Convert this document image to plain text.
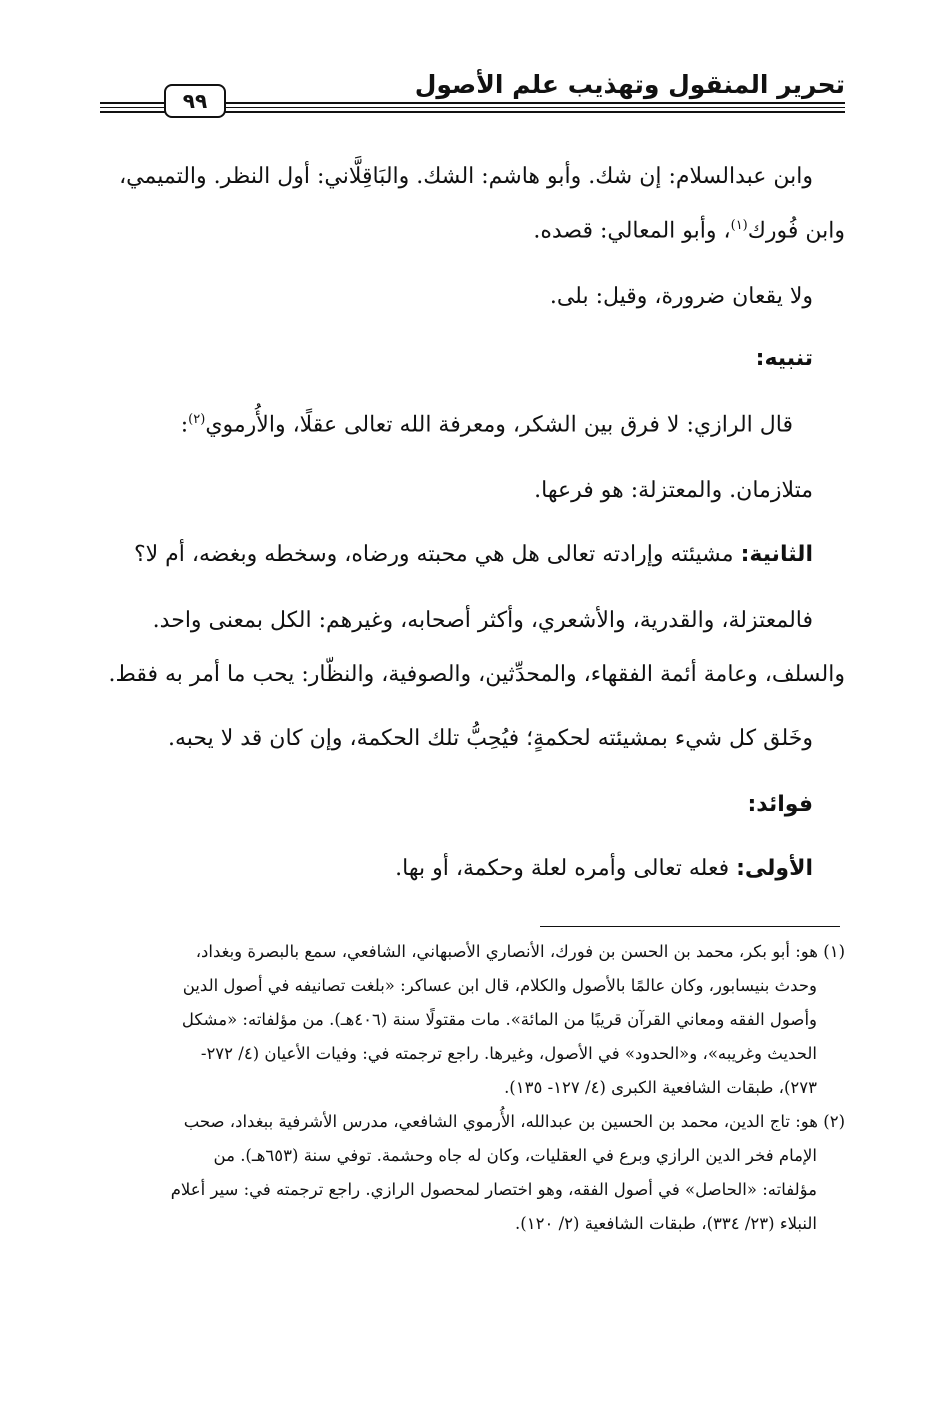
تحرير المنقول وتهذيب علم الأصول
٩٩
وابن عبدالسلام: إن شك. وأبو هاشم: الشك. والبَاقِلَّاني: أول النظر. والتميمي،
وابن فُورك$^{(١)}$، وأبو المعالي: قصده.
ولا يقعان ضرورة، وقيل: بلى.
تنبيه:
قال الرازي: لا فرق بين الشكر، ومعرفة الله تعالى عقلًا، والأُرموي$^{(٢)}$:
متلازمان. والمعتزلة: هو فرعها.
الثانية: مشيئته وإرادته تعالى هل هي محبته ورضاه، وسخطه وبغضه، أم لا؟
فالمعتزلة، والقدرية، والأشعري، وأكثر أصحابه، وغيرهم: الكل بمعنى واحد.
والسلف، وعامة أئمة الفقهاء، والمحدِّثين، والصوفية، والنظّار: يحب ما أمر به فقط.
وخَلق كل شيء بمشيئته لحكمةٍ؛ فيُحِبُّ تلك الحكمة، وإن كان قد لا يحبه.
فوائد:
الأولى: فعله تعالى وأمره لعلة وحكمة، أو بها.
(١) هو: أبو بكر، محمد بن الحسن بن فورك، الأنصاري الأصبهاني، الشافعي، سمع بالبصرة وبغداد،
وحدث بنيسابور، وكان عالمًا بالأصول والكلام، قال ابن عساكر: «بلغت تصانيفه في أصول الدين
وأصول الفقه ومعاني القرآن قريبًا من المائة». مات مقتولًا سنة (٤٠٦هـ). من مؤلفاته: «مشكل
الحديث وغريبه»، و«الحدود» في الأصول، وغيرها. راجع ترجمته في: وفيات الأعيان (٤/ ٢٧٢-
٢٧٣)، طبقات الشافعية الكبرى (٤/ ١٢٧- ١٣٥).
(٢) هو: تاج الدين، محمد بن الحسين بن عبدالله، الأُرموي الشافعي، مدرس الأشرفية ببغداد، صحب
الإمام فخر الدين الرازي وبرع في العقليات، وكان له جاه وحشمة. توفي سنة (٦٥٣هـ). من
مؤلفاته: «الحاصل» في أصول الفقه، وهو اختصار لمحصول الرازي. راجع ترجمته في: سير أعلام
النبلاء (٢٣/ ٣٣٤)، طبقات الشافعية (٢/ ١٢٠).
